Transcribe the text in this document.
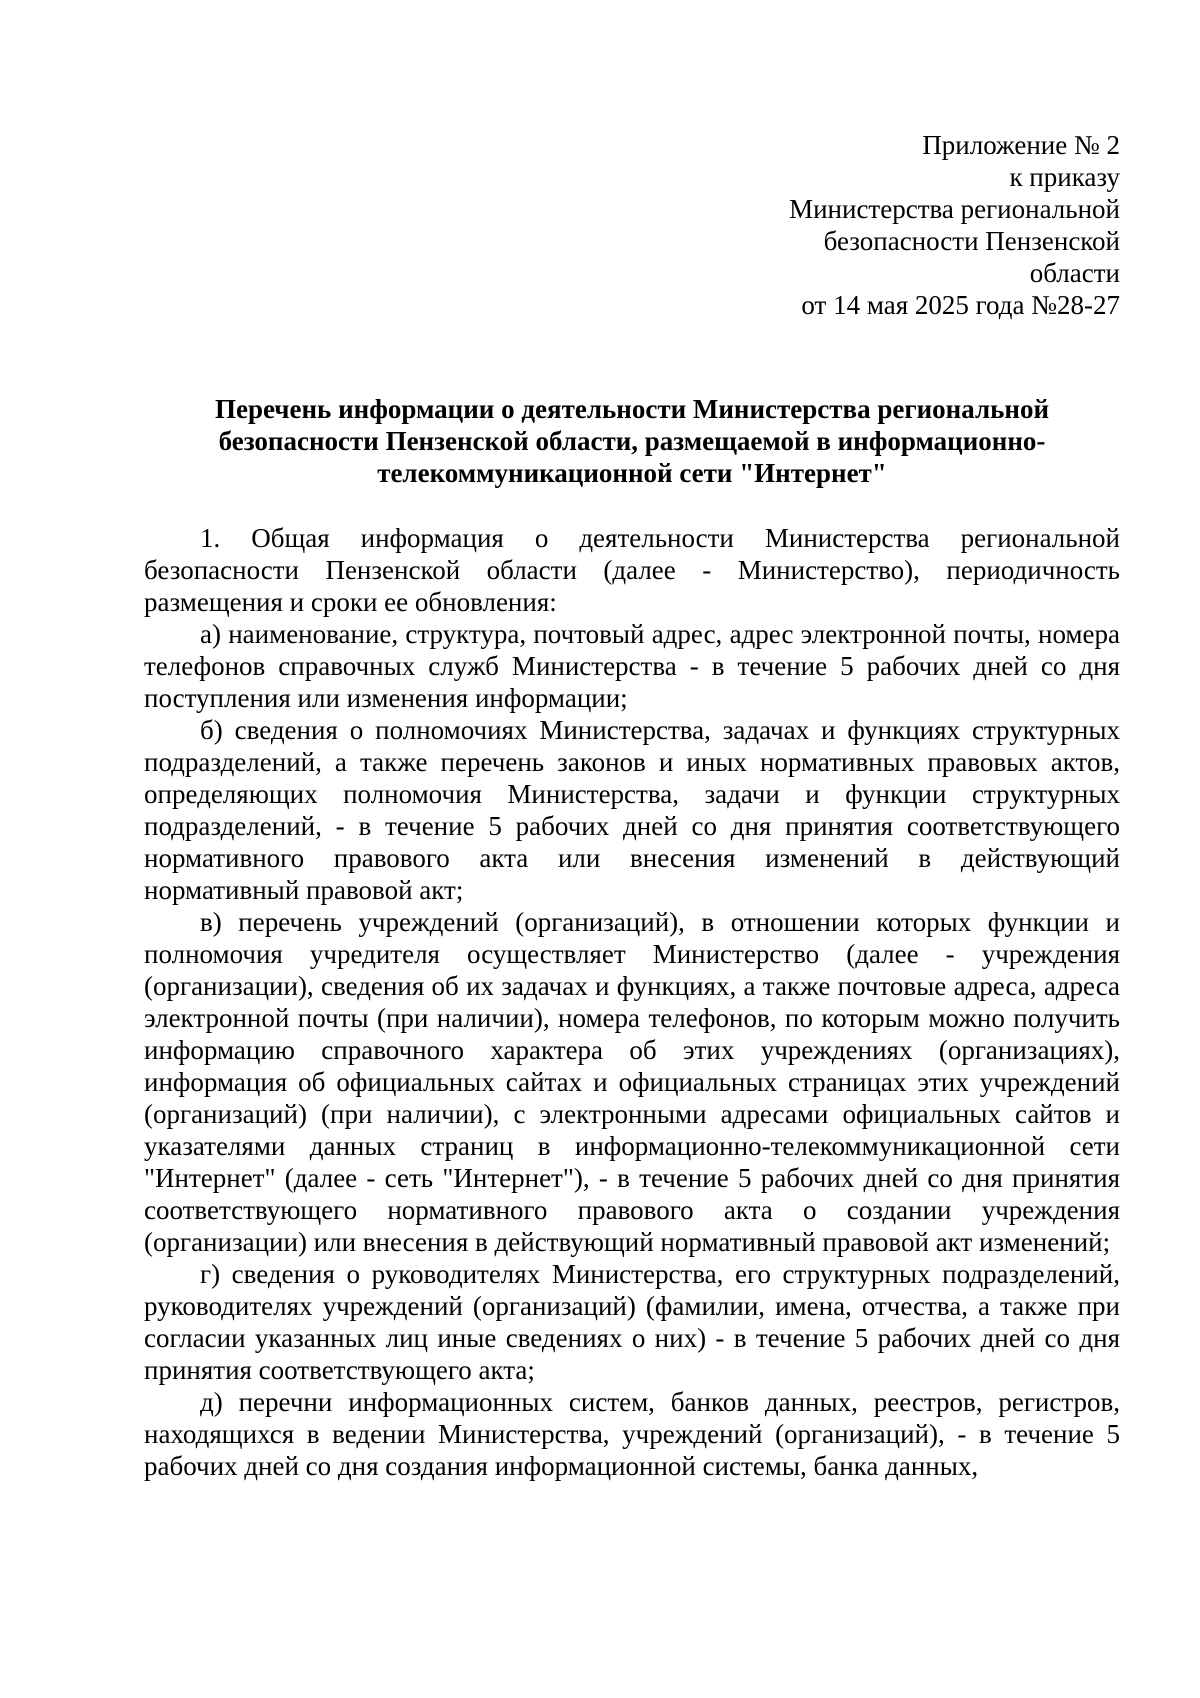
Приложение № 2
к приказу
Министерства региональной
безопасности Пензенской
области
от 14 мая 2025 года №28-27
Перечень информации о деятельности Министерства региональной
безопасности Пензенской области, размещаемой в информационно-
телекоммуникационной сети "Интернет"

1. Общая информация о деятельности Министерства региональной безопасности Пензенской области (далее - Министерство), периодичность размещения и сроки ее обновления:

а) наименование, структура, почтовый адрес, адрес электронной почты, номера телефонов справочных служб Министерства - в течение 5 рабочих дней со дня поступления или изменения информации;

б) сведения о полномочиях Министерства, задачах и функциях структурных подразделений, а также перечень законов и иных нормативных правовых актов, определяющих полномочия Министерства, задачи и функции структурных подразделений, - в течение 5 рабочих дней со дня принятия соответствующего нормативного правового акта или внесения изменений в действующий нормативный правовой акт;

в) перечень учреждений (организаций), в отношении которых функции и полномочия учредителя осуществляет Министерство (далее - учреждения (организации), сведения об их задачах и функциях, а также почтовые адреса, адреса электронной почты (при наличии), номера телефонов, по которым можно получить информацию справочного характера об этих учреждениях (организациях), информация об официальных сайтах и официальных страницах этих учреждений (организаций) (при наличии), с электронными адресами официальных сайтов и указателями данных страниц в информационно-телекоммуникационной сети "Интернет" (далее - сеть "Интернет"), - в течение 5 рабочих дней со дня принятия соответствующего нормативного правового акта о создании учреждения (организации) или внесения в действующий нормативный правовой акт изменений;

г) сведения о руководителях Министерства, его структурных подразделений, руководителях учреждений (организаций) (фамилии, имена, отчества, а также при согласии указанных лиц иные сведениях о них) - в течение 5 рабочих дней со дня принятия соответствующего акта;

д) перечни информационных систем, банков данных, реестров, регистров, находящихся в ведении Министерства, учреждений (организаций), - в течение 5 рабочих дней со дня создания информационной системы, банка данных,
